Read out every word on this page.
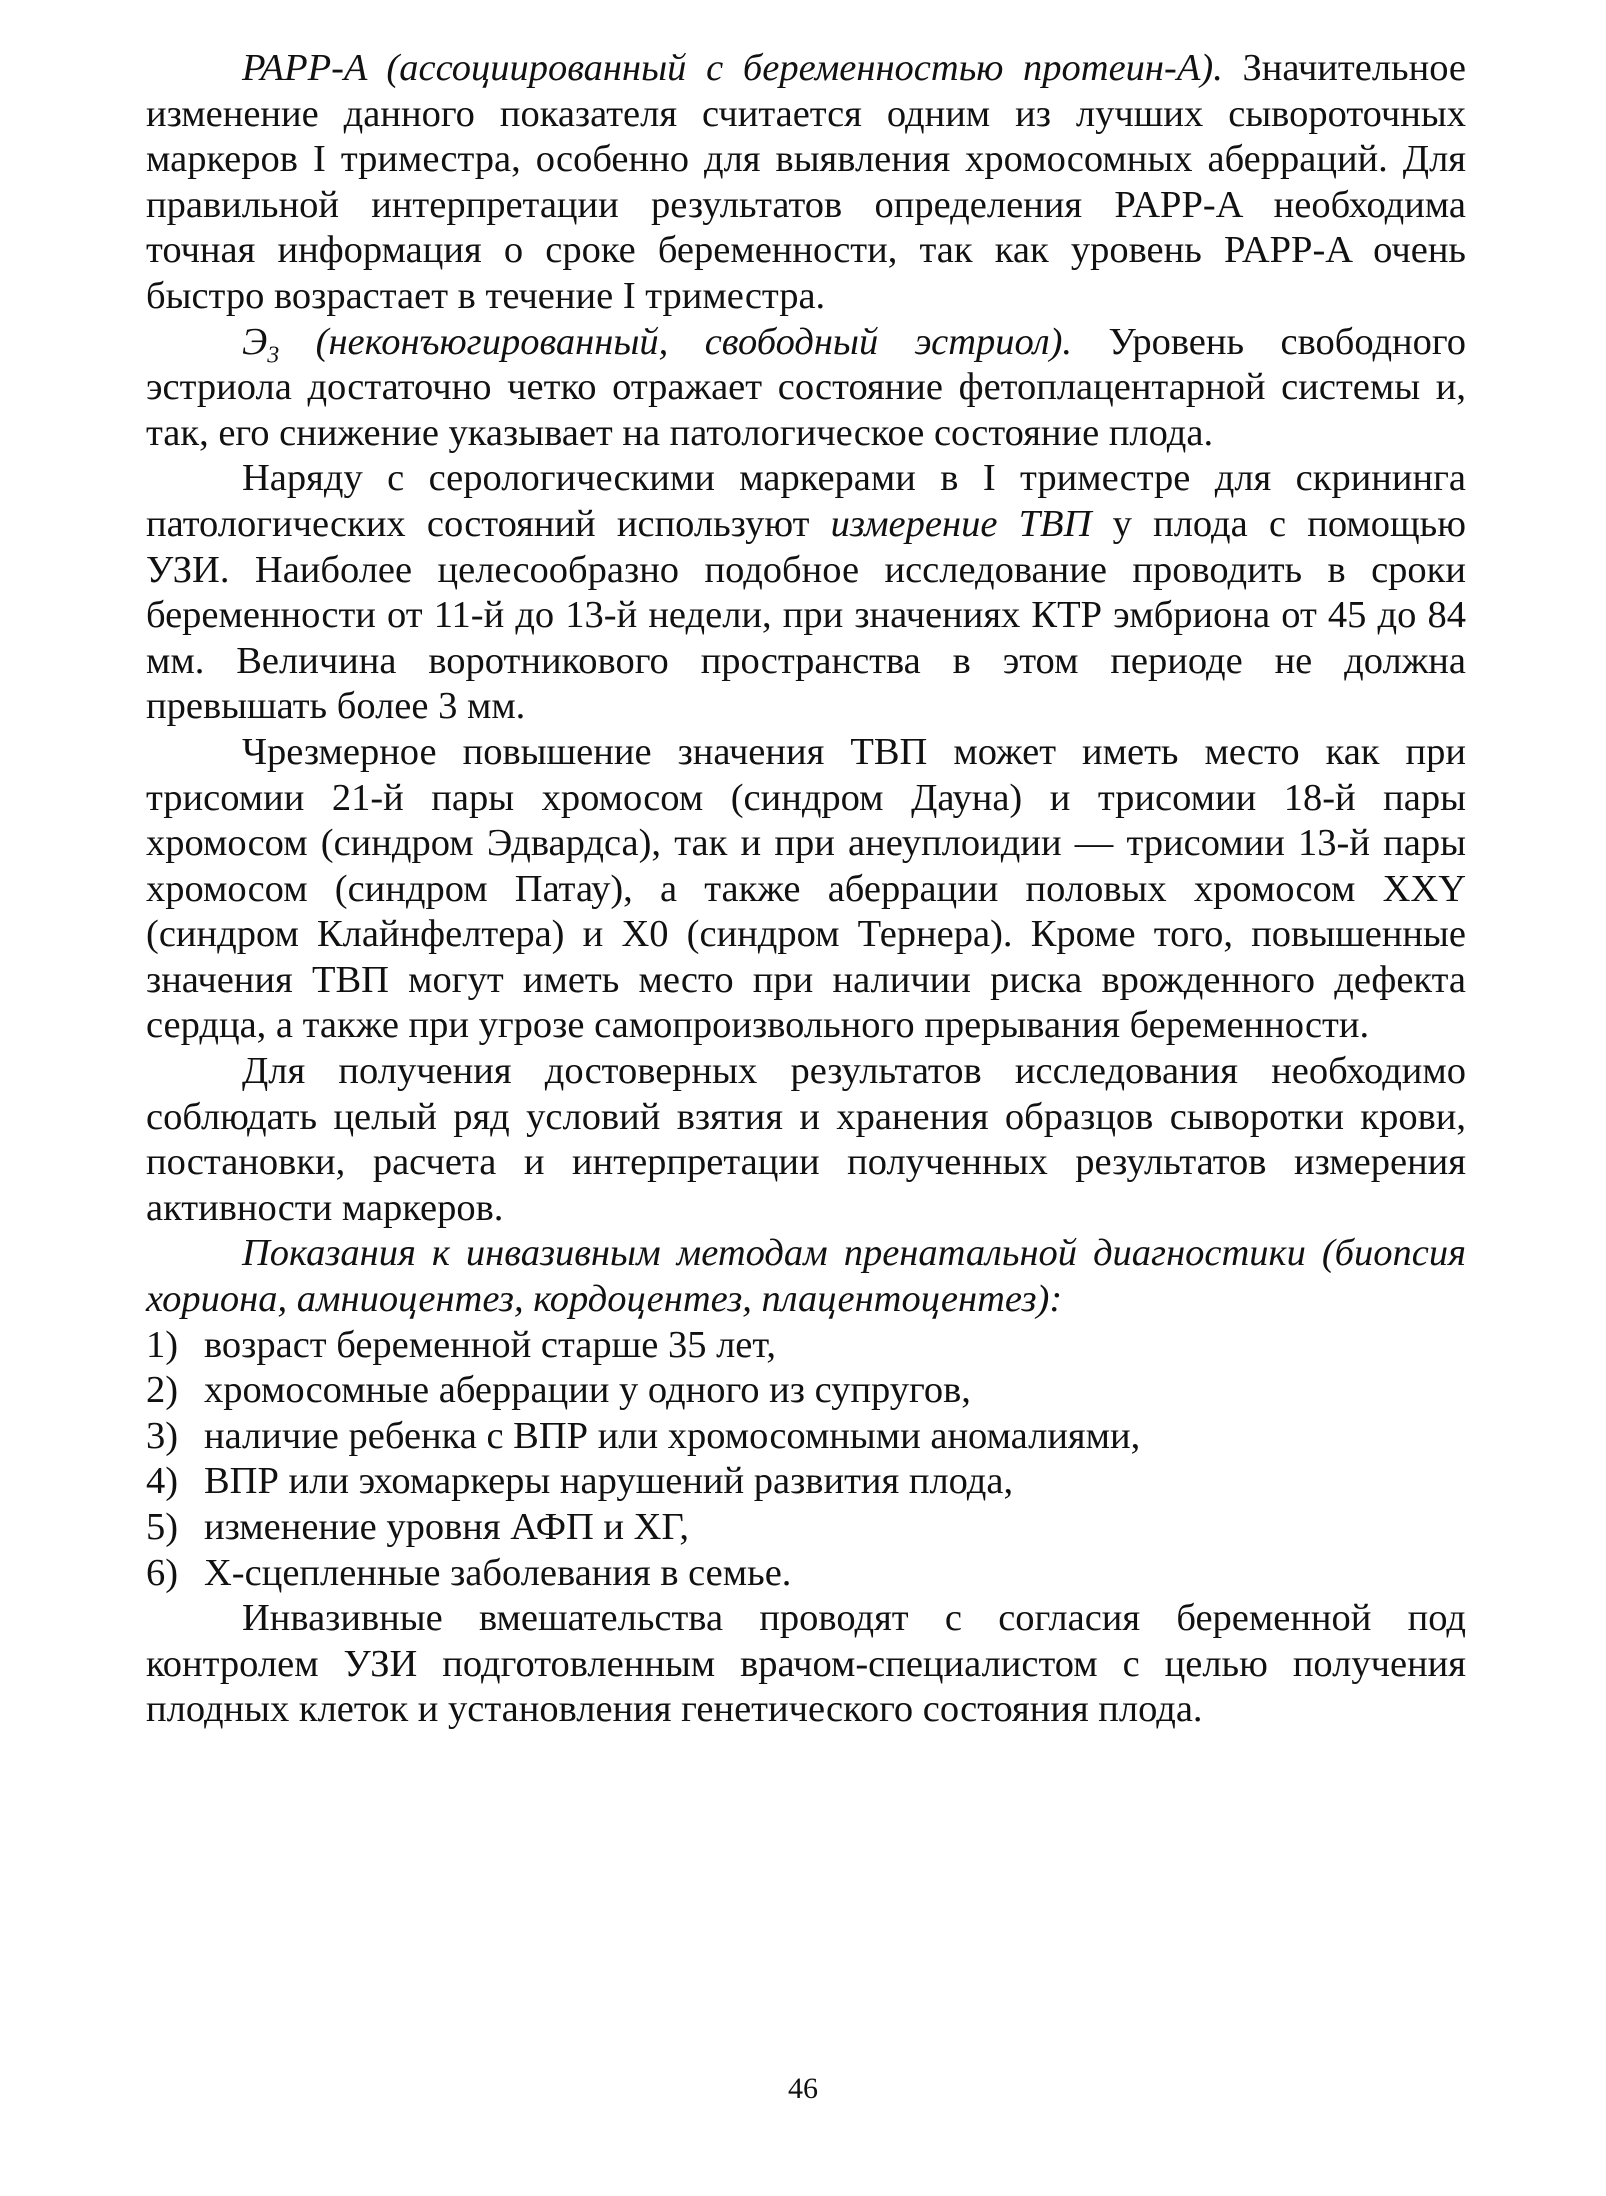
PAPP-A (ассоциированный с беременностью протеин-А). Значительное изменение данного показателя считается одним из лучших сывороточных маркеров I триместра, особенно для выявления хромосомных аберраций. Для правильной интерпретации результатов определения PAPP-A необходима точная информация о сроке беременности, так как уровень PAPP-A очень быстро возрастает в течение I триместра.

$Э_3$ (неконъюгированный, свободный эстриол). Уровень свободного эстриола достаточно четко отражает состояние фетоплацентарной системы и, так, его снижение указывает на патологическое состояние плода.

Наряду с серологическими маркерами в I триместре для скрининга патологических состояний используют измерение ТВП у плода с помощью УЗИ. Наиболее целесообразно подобное исследование проводить в сроки беременности от 11-й до 13-й недели, при значениях КТР эмбриона от 45 до 84 мм. Величина воротникового пространства в этом периоде не должна превышать более 3 мм.

Чрезмерное повышение значения ТВП может иметь место как при трисомии 21-й пары хромосом (синдром Дауна) и трисомии 18-й пары хромосом (синдром Эдвардса), так и при анеуплоидии — трисомии 13-й пары хромосом (синдром Патау), а также аберрации половых хромосом XXY (синдром Клайнфелтера) и X0 (синдром Тернера). Кроме того, повышенные значения ТВП могут иметь место при наличии риска врожденного дефекта сердца, а также при угрозе самопроизвольного прерывания беременности.

Для получения достоверных результатов исследования необходимо соблюдать целый ряд условий взятия и хранения образцов сыворотки крови, постановки, расчета и интерпретации полученных результатов измерения активности маркеров.

Показания к инвазивным методам пренатальной диагностики (биопсия хориона, амниоцентез, кордоцентез, плацентоцентез):

1) возраст беременной старше 35 лет,
2) хромосомные аберрации у одного из супругов,
3) наличие ребенка с ВПР или хромосомными аномалиями,
4) ВПР или эхомаркеры нарушений развития плода,
5) изменение уровня АФП и ХГ,
6) Х-сцепленные заболевания в семье.

Инвазивные вмешательства проводят с согласия беременной под контролем УЗИ подготовленным врачом-специалистом с целью получения плодных клеток и установления генетического состояния плода.

46
